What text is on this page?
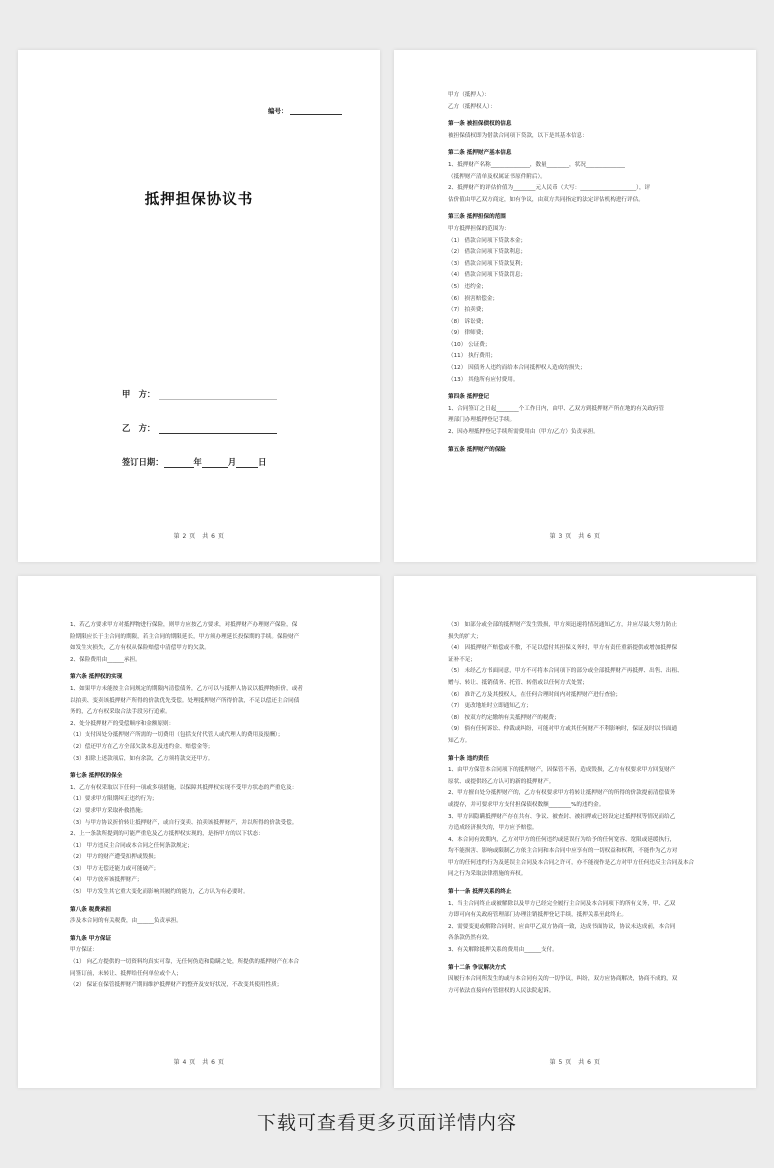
编号：
抵押担保协议书
甲　方：
乙　方：
签订日期：	年	月	日
第 2 页　共 6 页
甲方（抵押人）：
乙方（抵押权人）：
第一条 被担保债权的信息
被担保债权即为借款合同项下贷款，以下是其基本信息：
第二条 抵押财产基本信息
1、抵押财产名称______________，数量________，状况______________
（抵押财产清单及权属证书原件附后）。
2、抵押财产的评估价值为________元人民币（大写：____________________），评
估价值由甲乙双方商定，如有争议，由双方共同指定的法定评估机构进行评估。
第三条 抵押担保的范围
甲方抵押担保的范围为：
（1） 借款合同项下贷款本金；
（2） 借款合同项下贷款利息；
（3） 借款合同项下贷款复利；
（4） 借款合同项下贷款罚息；
（5） 违约金；
（6） 损害赔偿金；
（7） 拍卖费；
（8） 诉讼费；
（9） 律师费；
（10） 公证费；
（11） 执行费用；
（12） 因债务人违约而给本合同抵押权人造成的损失；
（13） 其他所有应付费用。
第四条 抵押登记
1、合同签订之日起________个工作日内，由甲、乙双方到抵押财产所在地的有关政府管
理部门办理抵押登记手续。
2、因办理抵押登记手续所需费用由（甲方/乙方）负责承担。
第五条 抵押财产的保险
第 3 页　共 6 页
1、若乙方要求甲方对抵押物进行保险，则甲方应按乙方要求，对抵押财产办理财产保险，保
险期限应长于主合同的期限，若主合同的期限延长，甲方须办理延长投保期的手续。保险财产
如发生灾损失，乙方有权从保险赔偿中清偿甲方的欠款。
2、保险费用由______承担。
第六条 抵押权的实现
1、如果甲方未能按主合同规定的期限内清偿债务，乙方可以与抵押人协议以抵押物折价，或者
以拍卖、变卖该抵押财产所得的价款优先受偿。处理抵押财产所得价款，不足以偿还主合同债
务的，乙方有权采取合法手段另行追索。
2、处分抵押财产的受偿顺序和金额原则：
（1）支付因处分抵押财产所需的一切费用（包括支付代管人或代理人的费用及报酬）；
（2）偿还甲方在乙方全部欠款本息及违约金、赔偿金等；
（3）扣除上述款项后，如有余款，乙方须将款交还甲方。
第七条 抵押权的保全
1、乙方有权采取以下任何一项或多项措施，以保障其抵押权实现不受甲方状态的严重危及：
（1）要求甲方限期纠正违约行为；
（2）要求甲方采取补救措施；
（3）与甲方协议折价转让抵押财产，或自行变卖、拍卖该抵押财产，并以所得的价款受偿。
2、上一条款所提到的可能严重危及乙方抵押权实现的，是指甲方的以下状态：
（1） 甲方违反主合同或本合同之任何条款规定；
（2） 甲方的财产遭受扣押或毁损；
（3） 甲方无偿还能力或可能破产；
（4） 甲方放弃该抵押财产；
（5） 甲方发生其它重大变化而影响其履约的能力，乙方认为有必要时。
第八条 税费承担
涉及本合同的有关税费，由______负责承担。
第九条 甲方保证
甲方保证：
（1） 向乙方提供的一切资料均真实可靠，无任何伪造和隐瞒之处，所提供的抵押财产在本合
同签订前，未转让、抵押给任何单位或个人；
（2） 保证在保管抵押财产期间维护抵押财产的整齐及安好状况，不改变其使用性质；
第 4 页　共 6 页
（3） 如部分或全部的抵押财产发生毁损，甲方须迅速将情况通知乙方，并应尽最大努力防止
损失的扩大；
（4） 因抵押财产赔偿或不敷，不足以偿付其担保义务时，甲方有责任重新提供或增加抵押保
证补不足；
（5） 未经乙方书面同意，甲方不可将本合同项下的部分或全部抵押财产再抵押、出售、出租、
赠与、转让、抵销债务、托管、转借或以任何方式处置；
（6） 准许乙方及其授权人，在任何合理时间内对抵押财产进行查验；
（7） 更改地址时立即通知乙方；
（8） 按双方约定缴纳有关抵押财产的税费；
（9） 倘有任何诉讼、仲裁或纠纷，可能对甲方或其任何财产不利影响时，保证及时以书面通
知乙方。
第十条 违约责任
1、由甲方保管本合同项下的抵押财产，因保管不善，造成毁损，乙方有权要求甲方回复财产
原状、或提供经乙方认可的新的抵押财产。
2、甲方擅自处分抵押财产的，乙方有权要求甲方将转让抵押财产的所得的价款提前清偿债务
或提存，并可要求甲方支付担保债权数额________%的违约金。
3、甲方因隐瞒抵押财产存在共有、争议、被查封、被扣押或已经设定过抵押权等情况而给乙
方造成经济损失的，甲方应予赔偿。
4、本合同有效期内，乙方对甲方的任何违约或延误行为给予的任何宽容、宽限或延缓执行，
均不能损害、影响或限制乙方依主合同和本合同中应享有的一切权益和权利，不能作为乙方对
甲方的任何违约行为及延误主合同及本合同之许可，亦不能视作是乙方对甲方任何违反主合同及本合
同之行为采取法律措施的弃权。
第十一条 抵押关系的终止
1、当主合同终止或被解除以及甲方已经完全履行主合同及本合同项下的所有义务，甲、乙双
方即可向有关政府管理部门办理注销抵押登记手续，抵押关系至此终止。
2、需要变更或解除合同时，应由甲乙双方协商一致，达成书面协议，协议未达成前，本合同
各条款仍然有效。
3、有关解除抵押关系的费用由______支付。
第十二条 争议解决方式
因履行本合同所发生的或与本合同有关的一切争议，纠纷，双方应协商解决，协商不成的，双
方可依法直接向有管辖权的人民法院起诉。
第 5 页　共 6 页
下载可查看更多页面详情内容
